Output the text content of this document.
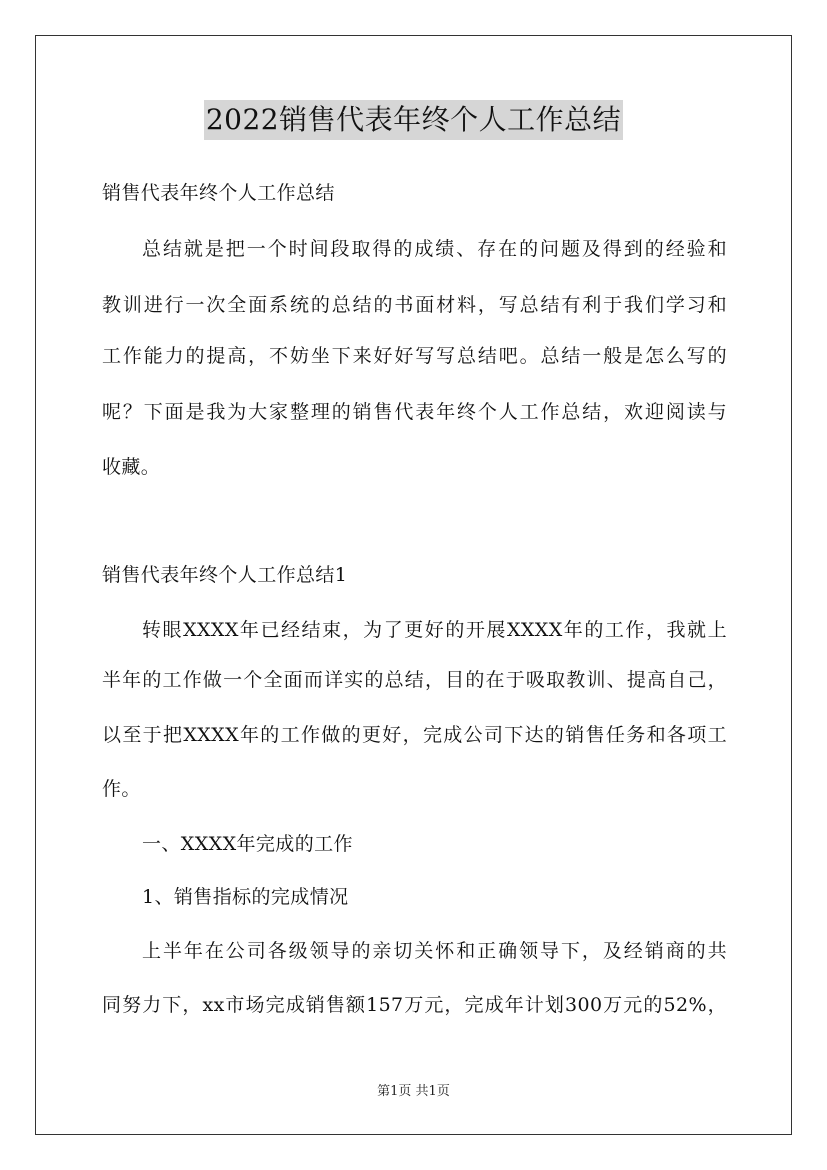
2022销售代表年终个人工作总结
销售代表年终个人工作总结
总结就是把一个时间段取得的成绩、存在的问题及得到的经验和
教训进行一次全面系统的总结的书面材料，写总结有利于我们学习和
工作能力的提高，不妨坐下来好好写写总结吧。总结一般是怎么写的
呢？下面是我为大家整理的销售代表年终个人工作总结，欢迎阅读与
收藏。
销售代表年终个人工作总结1
转眼XXXX年已经结束，为了更好的开展XXXX年的工作，我就上
半年的工作做一个全面而详实的总结，目的在于吸取教训、提高自己，
以至于把XXXX年的工作做的更好，完成公司下达的销售任务和各项工
作。
一、XXXX年完成的工作
1、销售指标的完成情况
上半年在公司各级领导的亲切关怀和正确领导下，及经销商的共
同努力下，xx市场完成销售额157万元，完成年计划300万元的52%，
第1页 共1页
